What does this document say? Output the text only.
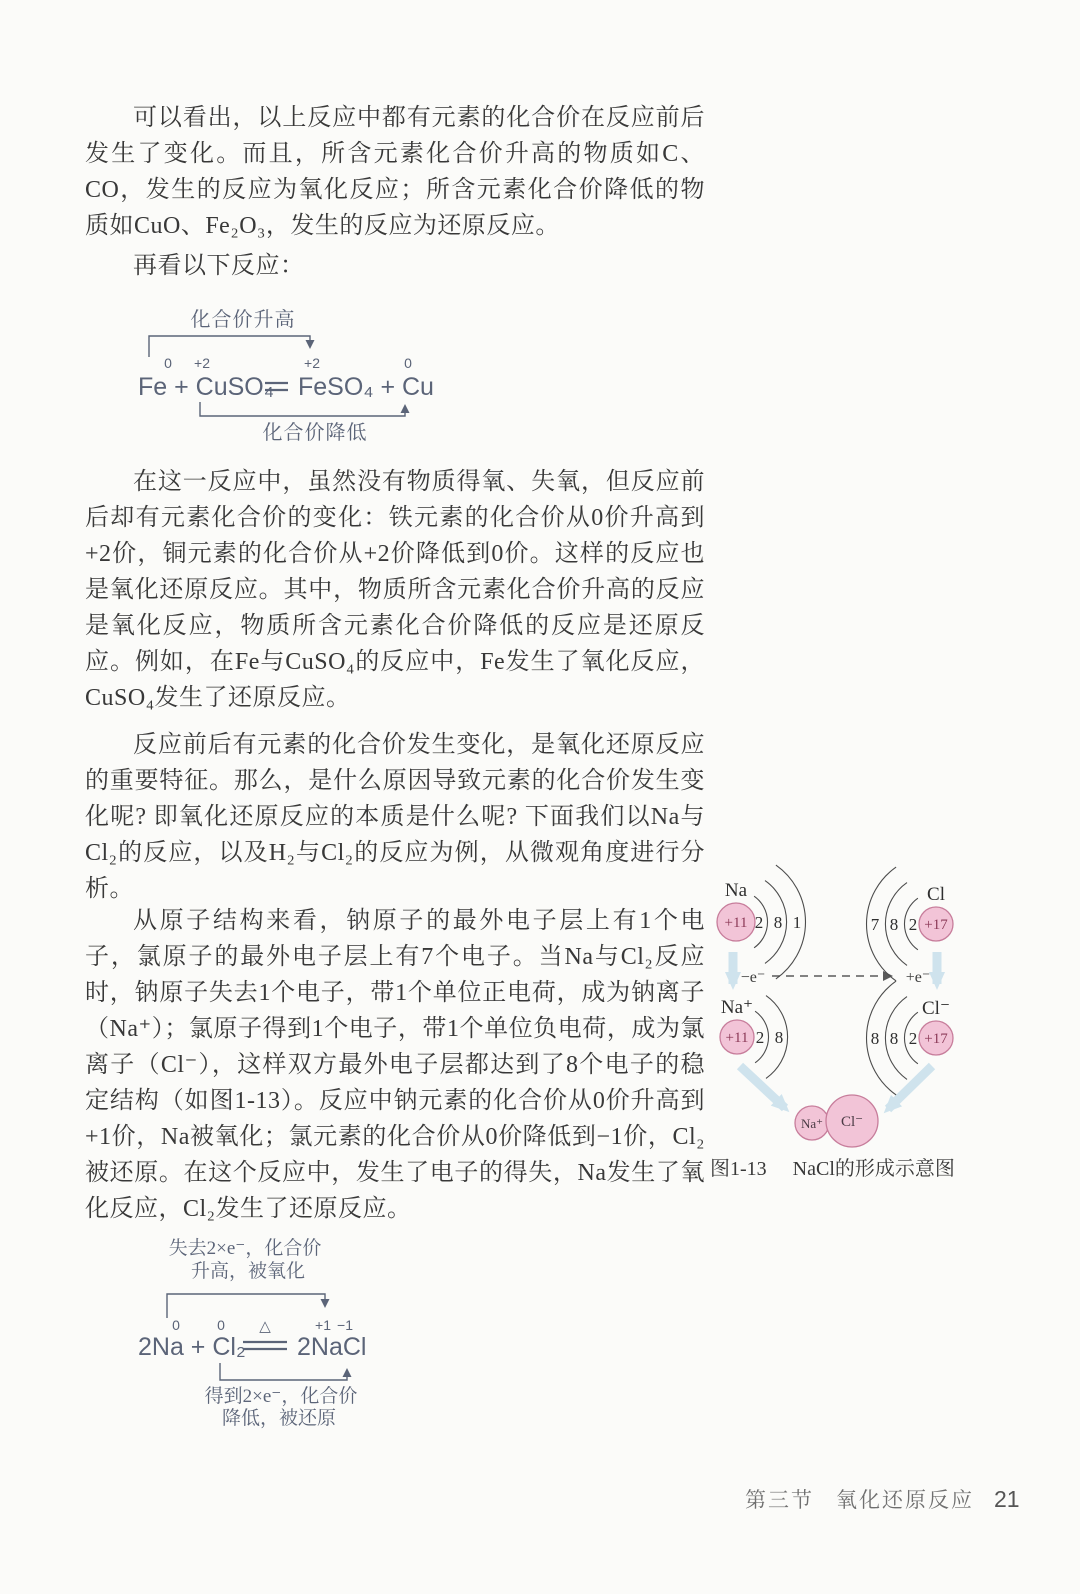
可以看出，以上反应中都有元素的化合价在反应前后发生了变化。而且，所含元素化合价升高的物质如C、CO，发生的反应为氧化反应；所含元素化合价降低的物质如CuO、Fe₂O₃，发生的反应为还原反应。

再看以下反应：

在这一反应中，虽然没有物质得氧、失氧，但反应前后却有元素化合价的变化：铁元素的化合价从0价升高到+2价，铜元素的化合价从+2价降低到0价。这样的反应也是氧化还原反应。其中，物质所含元素化合价升高的反应是氧化反应，物质所含元素化合价降低的反应是还原反应。例如，在Fe与CuSO₄的反应中，Fe发生了氧化反应，CuSO₄发生了还原反应。

反应前后有元素的化合价发生变化，是氧化还原反应的重要特征。那么，是什么原因导致元素的化合价发生变化呢? 即氧化还原反应的本质是什么呢? 下面我们以Na与Cl₂的反应，以及H₂与Cl₂的反应为例，从微观角度进行分析。

从原子结构来看，钠原子的最外电子层上有1个电子，氯原子的最外电子层上有7个电子。当Na与Cl₂反应时，钠原子失去1个电子，带1个单位正电荷，成为钠离子（Na⁺）；氯原子得到1个电子，带1个单位负电荷，成为氯离子（Cl⁻），这样双方最外电子层都达到了8个电子的稳定结构（如图1-13）。反应中钠元素的化合价从0价升高到+1价，Na被氧化；氯元素的化合价从0价降低到−1价，Cl₂被还原。在这个反应中，发生了电子的得失，Na发生了氧化反应，Cl₂发生了还原反应。

化合价升高
0 +2	+2	0
Fe + CuSO₄ FeSO₄ + Cu
化合价降低
失去2×e⁻，化合价
升高，被氧化
0	0 △	+1 −1
2Na + Cl₂ 2NaCl
得到2×e⁻，化合价
降低，被还原
−e⁻	+e⁻
2 8 1
+11
Na
2
8
7	+17
Cl
2 8
+11
Na⁺
2
8
8	+17
Cl⁻
Na⁺ Cl⁻
图1-13 NaCl的形成示意图
第三节 氧化还原反应 21
